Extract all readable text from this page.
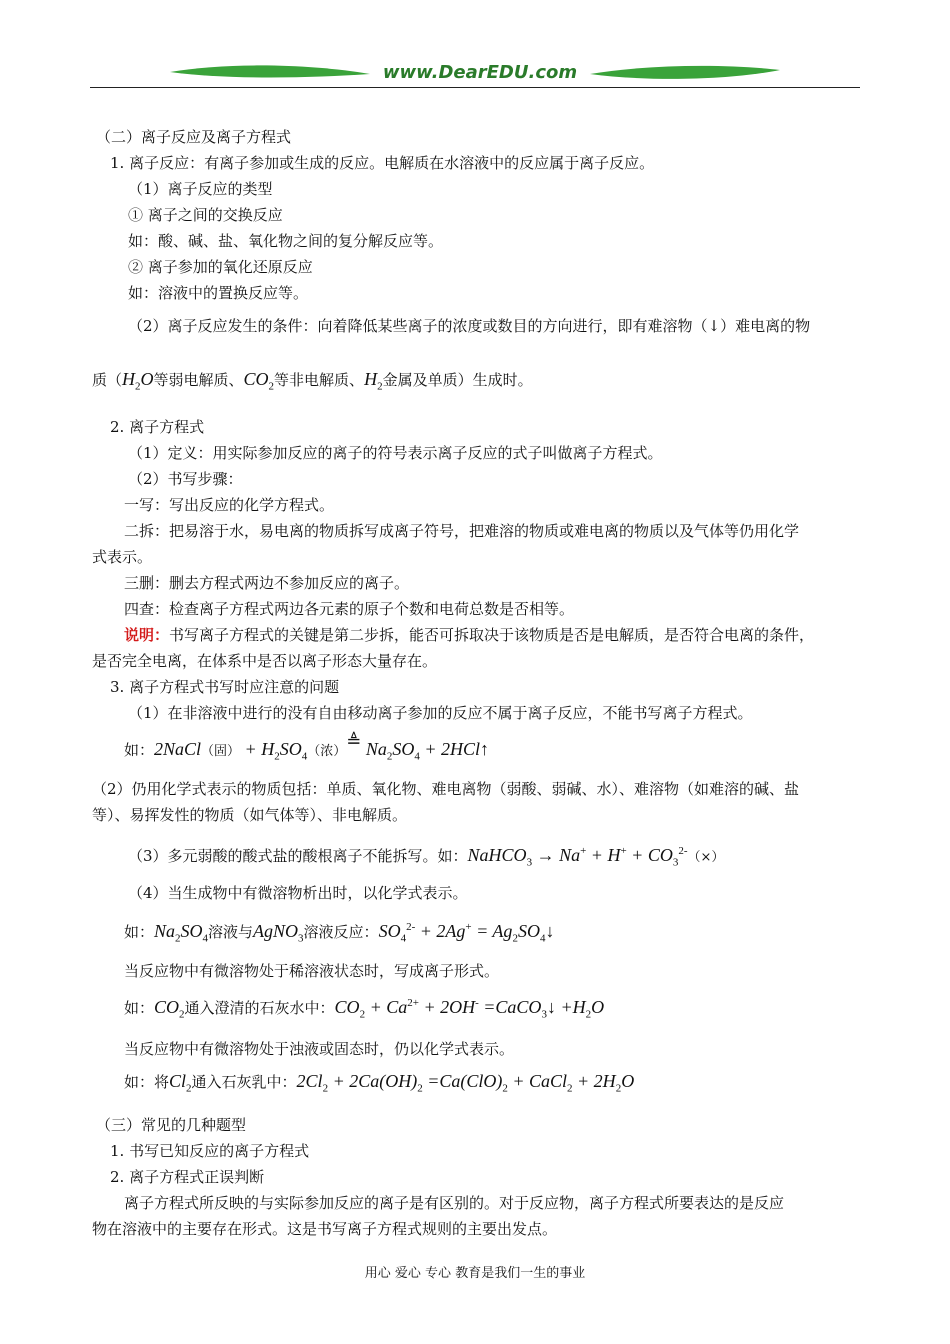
www.DearEDU.com
（二）离子反应及离子方程式
1. 离子反应：有离子参加或生成的反应。电解质在水溶液中的反应属于离子反应。
（1）离子反应的类型
① 离子之间的交换反应
如：酸、碱、盐、氧化物之间的复分解反应等。
② 离子参加的氧化还原反应
如：溶液中的置换反应等。
（2）离子反应发生的条件：向着降低某些离子的浓度或数目的方向进行，即有难溶物（↓）难电离的物
质（$H_2O$等弱电解质、$CO_2$等非电解质、$H_2$金属及单质）生成时。
2. 离子方程式
（1）定义：用实际参加反应的离子的符号表示离子反应的式子叫做离子方程式。
（2）书写步骤：
一写：写出反应的化学方程式。
二拆：把易溶于水，易电离的物质拆写成离子符号，把难溶的物质或难电离的物质以及气体等仍用化学
式表示。
三删：删去方程式两边不参加反应的离子。
四查：检查离子方程式两边各元素的原子个数和电荷总数是否相等。
说明：书写离子方程式的关键是第二步拆，能否可拆取决于该物质是否是电解质，是否符合电离的条件，
是否完全电离，在体系中是否以离子形态大量存在。
3. 离子方程式书写时应注意的问题
（1）在非溶液中进行的没有自由移动离子参加的反应不属于离子反应，不能书写离子方程式。
如：2NaCl（固） + $H_2SO_4$（浓）≜ $Na_2SO_4$ + 2HCl↑
（2）仍用化学式表示的物质包括：单质、氧化物、难电离物（弱酸、弱碱、水）、难溶物（如难溶的碱、盐
等）、易挥发性的物质（如气体等）、非电解质。
（3）多元弱酸的酸式盐的酸根离子不能拆写。如：NaHCO$_3$ → $Na^+ + H^+ + CO_3^{2-}(\times)$
（4）当生成物中有微溶物析出时，以化学式表示。
如：$Na_2SO_4$溶液与AgNO$_3$溶液反应：$SO_4^{2-} + 2Ag^+$ = $Ag_2SO_4↓$
当反应物中有微溶物处于稀溶液状态时，写成离子形式。
如：$CO_2$通入澄清的石灰水中：$CO_2 + Ca^{2+} + 2OH^-$ =CaCO$_3$↓ $+H_2O$
当反应物中有微溶物处于浊液或固态时，仍以化学式表示。
如：将$Cl_2$通入石灰乳中：$2Cl_2 + 2Ca(OH)_2 =Ca(ClO)_2$ + CaCl$_2$ + $2H_2O$
（三）常见的几种题型
1. 书写已知反应的离子方程式
2. 离子方程式正误判断
离子方程式所反映的与实际参加反应的离子是有区别的。对于反应物，离子方程式所要表达的是反应
物在溶液中的主要存在形式。这是书写离子方程式规则的主要出发点。
用心 爱心 专心 教育是我们一生的事业
